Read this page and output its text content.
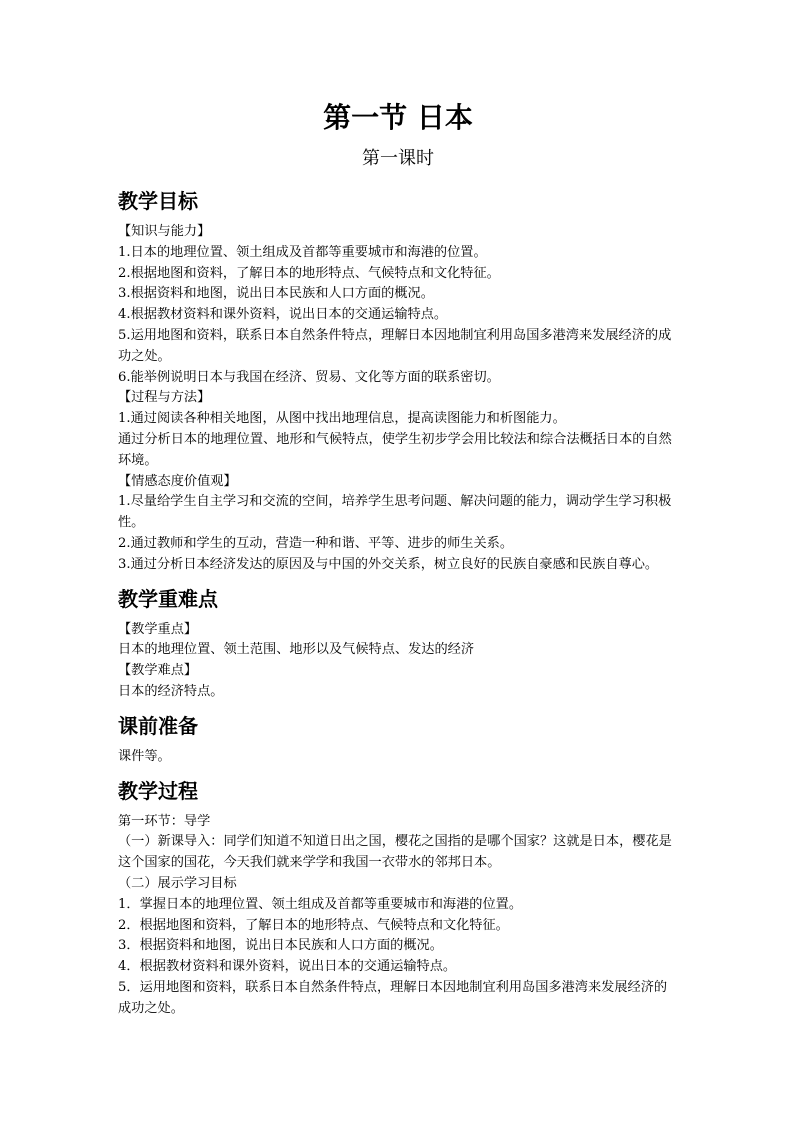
第一节 日本
第一课时
教学目标

【知识与能力】

1.日本的地理位置、领土组成及首都等重要城市和海港的位置。

2.根据地图和资料，了解日本的地形特点、气候特点和文化特征。

3.根据资料和地图，说出日本民族和人口方面的概况。

4.根据教材资料和课外资料，说出日本的交通运输特点。

5.运用地图和资料，联系日本自然条件特点，理解日本因地制宜利用岛国多港湾来发展经济的成功之处。

6.能举例说明日本与我国在经济、贸易、文化等方面的联系密切。

【过程与方法】

1.通过阅读各种相关地图，从图中找出地理信息，提高读图能力和析图能力。

通过分析日本的地理位置、地形和气候特点，使学生初步学会用比较法和综合法概括日本的自然环境。

【情感态度价值观】

1.尽量给学生自主学习和交流的空间，培养学生思考问题、解决问题的能力，调动学生学习积极性。

2.通过教师和学生的互动，营造一种和谐、平等、进步的师生关系。

3.通过分析日本经济发达的原因及与中国的外交关系，树立良好的民族自豪感和民族自尊心。

教学重难点

【教学重点】

日本的地理位置、领土范围、地形以及气候特点、发达的经济

【教学难点】

日本的经济特点。

课前准备

课件等。

教学过程

第一环节：导学

（一）新课导入：同学们知道不知道日出之国，樱花之国指的是哪个国家？这就是日本，樱花是这个国家的国花，今天我们就来学学和我国一衣带水的邻邦日本。

（二）展示学习目标

1．掌握日本的地理位置、领土组成及首都等重要城市和海港的位置。

2．根据地图和资料，了解日本的地形特点、气候特点和文化特征。

3．根据资料和地图，说出日本民族和人口方面的概况。

4．根据教材资料和课外资料，说出日本的交通运输特点。

5．运用地图和资料，联系日本自然条件特点，理解日本因地制宜利用岛国多港湾来发展经济的成功之处。
